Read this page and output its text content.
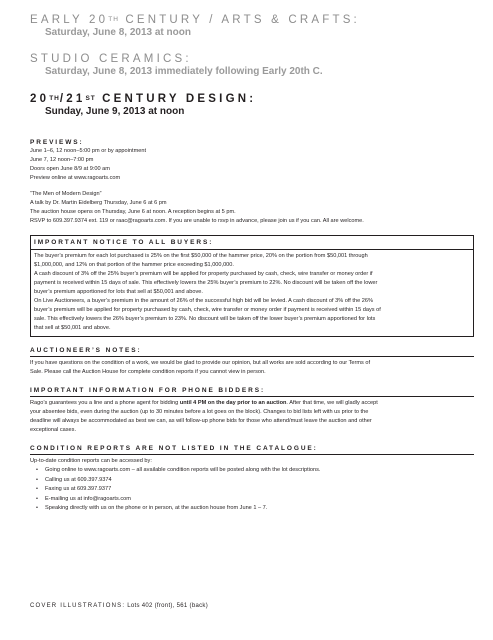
EARLY 20TH CENTURY / ARTS & CRAFTS:
Saturday, June 8, 2013 at noon
STUDIO CERAMICS:
Saturday, June 8, 2013 immediately following Early 20th C.
20TH/21ST CENTURY DESIGN:
Sunday, June 9, 2013 at noon
PREVIEWS:
June 1–6, 12 noon–5:00 pm or by appointment
June 7, 12 noon–7:00 pm
Doors open June 8/9 at 9:00 am
Preview online at www.ragoarts.com
“The Men of Modern Design”
A talk by Dr. Martin Eidelberg Thursday, June 6 at 6 pm
The auction house opens on Thursday, June 6 at noon. A reception begins at 5 pm.
RSVP to 609.397.9374 ext. 119 or raac@ragoarts.com. If you are unable to rsvp in advance, please join us if you can. All are welcome.
IMPORTANT NOTICE TO ALL BUYERS:
The buyer’s premium for each lot purchased is 25% on the first $50,000 of the hammer price, 20% on the portion from $50,001 through
$1,000,000, and 12% on that portion of the hammer price exceeding $1,000,000.
A cash discount of 3% off the 25% buyer’s premium will be applied for property purchased by cash, check, wire transfer or money order if
payment is received within 15 days of sale. This effectively lowers the 25% buyer’s premium to 22%. No discount will be taken off the lower
buyer’s premium apportioned for lots that sell at $50,001 and above.
On Live Auctioneers, a buyer’s premium in the amount of 26% of the successful high bid will be levied. A cash discount of 3% off the 26%
buyer’s premium will be applied for property purchased by cash, check, wire transfer or money order if payment is received within 15 days of
sale. This effectively lowers the 26% buyer’s premium to 23%. No discount will be taken off the lower buyer’s premium apportioned for lots
that sell at $50,001 and above.
AUCTIONEER’S NOTES:
If you have questions on the condition of a work, we would be glad to provide our opinion, but all works are sold according to our Terms of
Sale. Please call the Auction House for complete condition reports if you cannot view in person.
IMPORTANT INFORMATION FOR PHONE BIDDERS:
Rago’s guarantees you a line and a phone agent for bidding until 4 PM on the day prior to an auction. After that time, we will gladly accept
your absentee bids, even during the auction (up to 30 minutes before a lot goes on the block). Changes to bid lists left with us prior to the
deadline will always be accommodated as best we can, as will follow-up phone bids for those who attend/must leave the auction and other
exceptional cases.
CONDITION REPORTS ARE NOT LISTED IN THE CATALOGUE:
Up-to-date condition reports can be accessed by:
• Going online to www.ragoarts.com – all available condition reports will be posted along with the lot descriptions.
• Calling us at 609.397.9374
• Faxing us at 609.397.9377
• E-mailing us at info@ragoarts.com
• Speaking directly with us on the phone or in person, at the auction house from June 1 – 7.
COVER ILLUSTRATIONS: Lots 402 (front), 561 (back)
